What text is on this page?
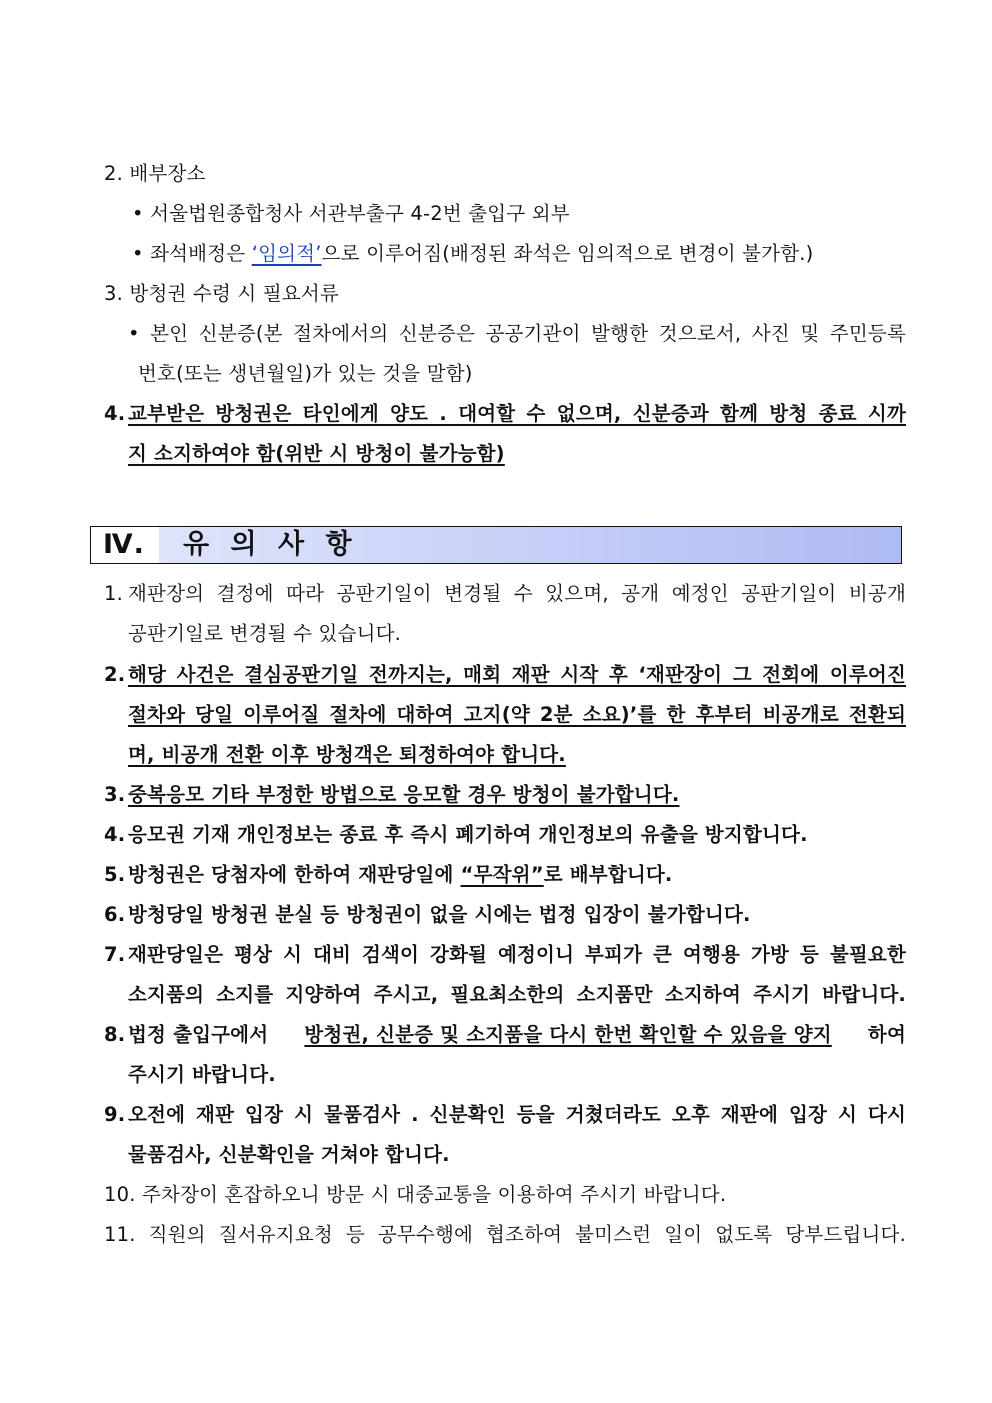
2. 배부장소
• 서울법원종합청사 서관부출구 4-2번 출입구 외부
• 좌석배정은 ‘임의적’으로 이루어짐(배정된 좌석은 임의적으로 변경이 불가함.)
3. 방청권 수령 시 필요서류
• 본인 신분증(본 절차에서의 신분증은 공공기관이 발행한 것으로서, 사진 및 주민등록
번호(또는 생년월일)가 있는 것을 말함)
4. 교부받은 방청권은 타인에게 양도 . 대여할 수 없으며, 신분증과 함께 방청 종료 시까
지 소지하여야 함(위반 시 방청이 불가능함)
Ⅳ. 유 의 사 항
1. 재판장의 결정에 따라 공판기일이 변경될 수 있으며, 공개 예정인 공판기일이 비공개
공판기일로 변경될 수 있습니다.
2. 해당 사건은 결심공판기일 전까지는, 매회 재판 시작 후 ‘재판장이 그 전회에 이루어진
절차와 당일 이루어질 절차에 대하여 고지(약 2분 소요)’를 한 후부터 비공개로 전환되
며, 비공개 전환 이후 방청객은 퇴정하여야 합니다.
3. 중복응모 기타 부정한 방법으로 응모할 경우 방청이 불가합니다.
4. 응모권 기재 개인정보는 종료 후 즉시 폐기하여 개인정보의 유출을 방지합니다.
5. 방청권은 당첨자에 한하여 재판당일에 “무작위”로 배부합니다.
6. 방청당일 방청권 분실 등 방청권이 없을 시에는 법정 입장이 불가합니다.
7. 재판당일은 평상 시 대비 검색이 강화될 예정이니 부피가 큰 여행용 가방 등 불필요한
소지품의 소지를 지양하여 주시고, 필요최소한의 소지품만 소지하여 주시기 바랍니다.
8. 법정 출입구에서 방청권, 신분증 및 소지품을 다시 한번 확인할 수 있음을 양지 하여
주시기 바랍니다.
9. 오전에 재판 입장 시 물품검사 . 신분확인 등을 거쳤더라도 오후 재판에 입장 시 다시
물품검사, 신분확인을 거쳐야 합니다.
10. 주차장이 혼잡하오니 방문 시 대중교통을 이용하여 주시기 바랍니다.
11. 직원의 질서유지요청 등 공무수행에 협조하여 불미스런 일이 없도록 당부드립니다.
